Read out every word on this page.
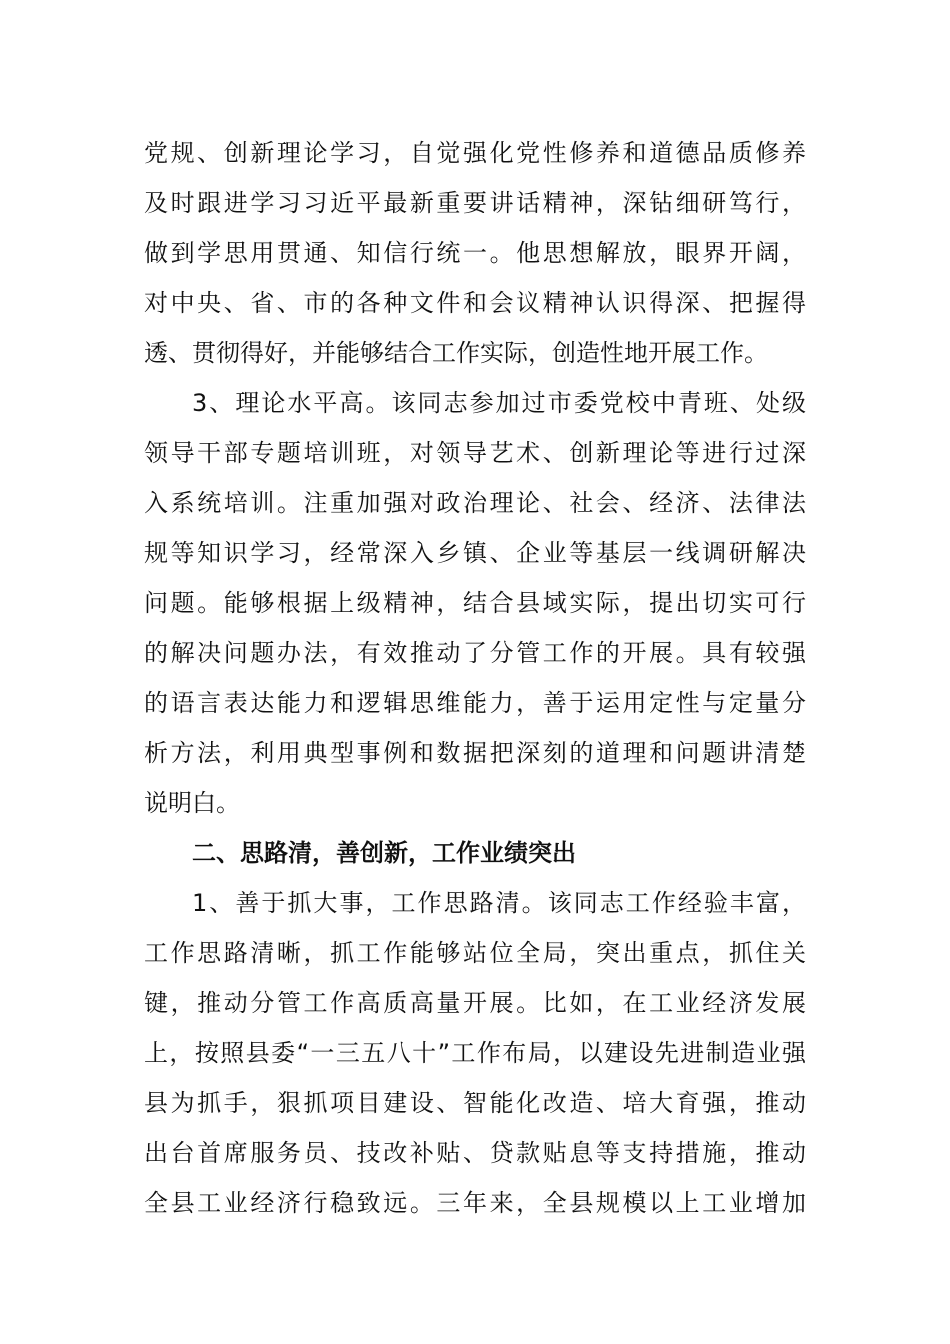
党规、创新理论学习，自觉强化党性修养和道德品质修养
及时跟进学习习近平最新重要讲话精神，深钻细研笃行，
做到学思用贯通、知信行统一。他思想解放，眼界开阔，
对中央、省、市的各种文件和会议精神认识得深、把握得
透、贯彻得好，并能够结合工作实际，创造性地开展工作。
3、理论水平高。该同志参加过市委党校中青班、处级
领导干部专题培训班，对领导艺术、创新理论等进行过深
入系统培训。注重加强对政治理论、社会、经济、法律法
规等知识学习，经常深入乡镇、企业等基层一线调研解决
问题。能够根据上级精神，结合县域实际，提出切实可行
的解决问题办法，有效推动了分管工作的开展。具有较强
的语言表达能力和逻辑思维能力，善于运用定性与定量分
析方法，利用典型事例和数据把深刻的道理和问题讲清楚
说明白。
二、思路清，善创新，工作业绩突出
1、善于抓大事，工作思路清。该同志工作经验丰富，
工作思路清晰，抓工作能够站位全局，突出重点，抓住关
键，推动分管工作高质高量开展。比如，在工业经济发展
上，按照县委“一三五八十”工作布局，以建设先进制造业强
县为抓手，狠抓项目建设、智能化改造、培大育强，推动
出台首席服务员、技改补贴、贷款贴息等支持措施，推动
全县工业经济行稳致远。三年来，全县规模以上工业增加
